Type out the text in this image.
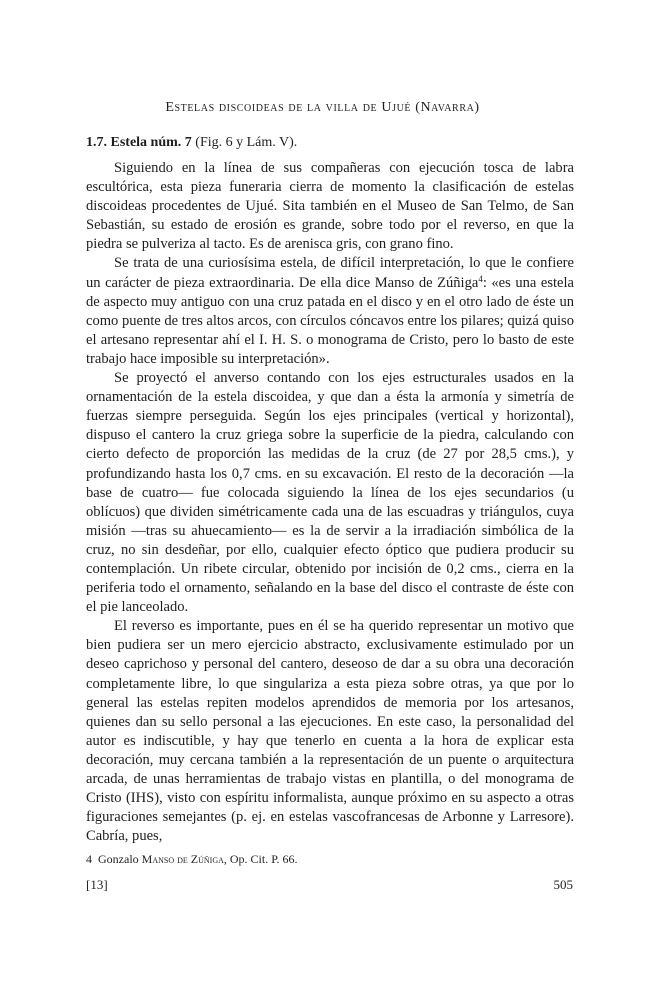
Estelas discoideas de la villa de Ujué (Navarra)
1.7. Estela núm. 7 (Fig. 6 y Lám. V).

Siguiendo en la línea de sus compañeras con ejecución tosca de labra escultórica, esta pieza funeraria cierra de momento la clasificación de estelas discoideas procedentes de Ujué. Sita también en el Museo de San Telmo, de San Sebastián, su estado de erosión es grande, sobre todo por el reverso, en que la piedra se pulveriza al tacto. Es de arenisca gris, con grano fino.

Se trata de una curiosísima estela, de difícil interpretación, lo que le confiere un carácter de pieza extraordinaria. De ella dice Manso de Zúñiga$^4$: «es una estela de aspecto muy antiguo con una cruz patada en el disco y en el otro lado de éste un como puente de tres altos arcos, con círculos cóncavos entre los pilares; quizá quiso el artesano representar ahí el I. H. S. o monograma de Cristo, pero lo basto de este trabajo hace imposible su interpretación».

Se proyectó el anverso contando con los ejes estructurales usados en la ornamentación de la estela discoidea, y que dan a ésta la armonía y simetría de fuerzas siempre perseguida. Según los ejes principales (vertical y horizontal), dispuso el cantero la cruz griega sobre la superficie de la piedra, calculando con cierto defecto de proporción las medidas de la cruz (de 27 por 28,5 cms.), y profundizando hasta los 0,7 cms. en su excavación. El resto de la decoración —la base de cuatro— fue colocada siguiendo la línea de los ejes secundarios (u oblícuos) que dividen simétricamente cada una de las escuadras y triángulos, cuya misión —tras su ahuecamiento— es la de servir a la irradiación simbólica de la cruz, no sin desdeñar, por ello, cualquier efecto óptico que pudiera producir su contemplación. Un ribete circular, obtenido por incisión de 0,2 cms., cierra en la periferia todo el ornamento, señalando en la base del disco el contraste de éste con el pie lanceolado.

El reverso es importante, pues en él se ha querido representar un motivo que bien pudiera ser un mero ejercicio abstracto, exclusivamente estimulado por un deseo caprichoso y personal del cantero, deseoso de dar a su obra una decoración completamente libre, lo que singulariza a esta pieza sobre otras, ya que por lo general las estelas repiten modelos aprendidos de memoria por los artesanos, quienes dan su sello personal a las ejecuciones. En este caso, la personalidad del autor es indiscutible, y hay que tenerlo en cuenta a la hora de explicar esta decoración, muy cercana también a la representación de un puente o arquitectura arcada, de unas herramientas de trabajo vistas en plantilla, o del monograma de Cristo (IHS), visto con espíritu informalista, aunque próximo en su aspecto a otras figuraciones semejantes (p. ej. en estelas vascofrancesas de Arbonne y Larresore). Cabría, pues,

4 Gonzalo Manso de Zúñiga, Op. Cit. P. 66.
[13]	505
